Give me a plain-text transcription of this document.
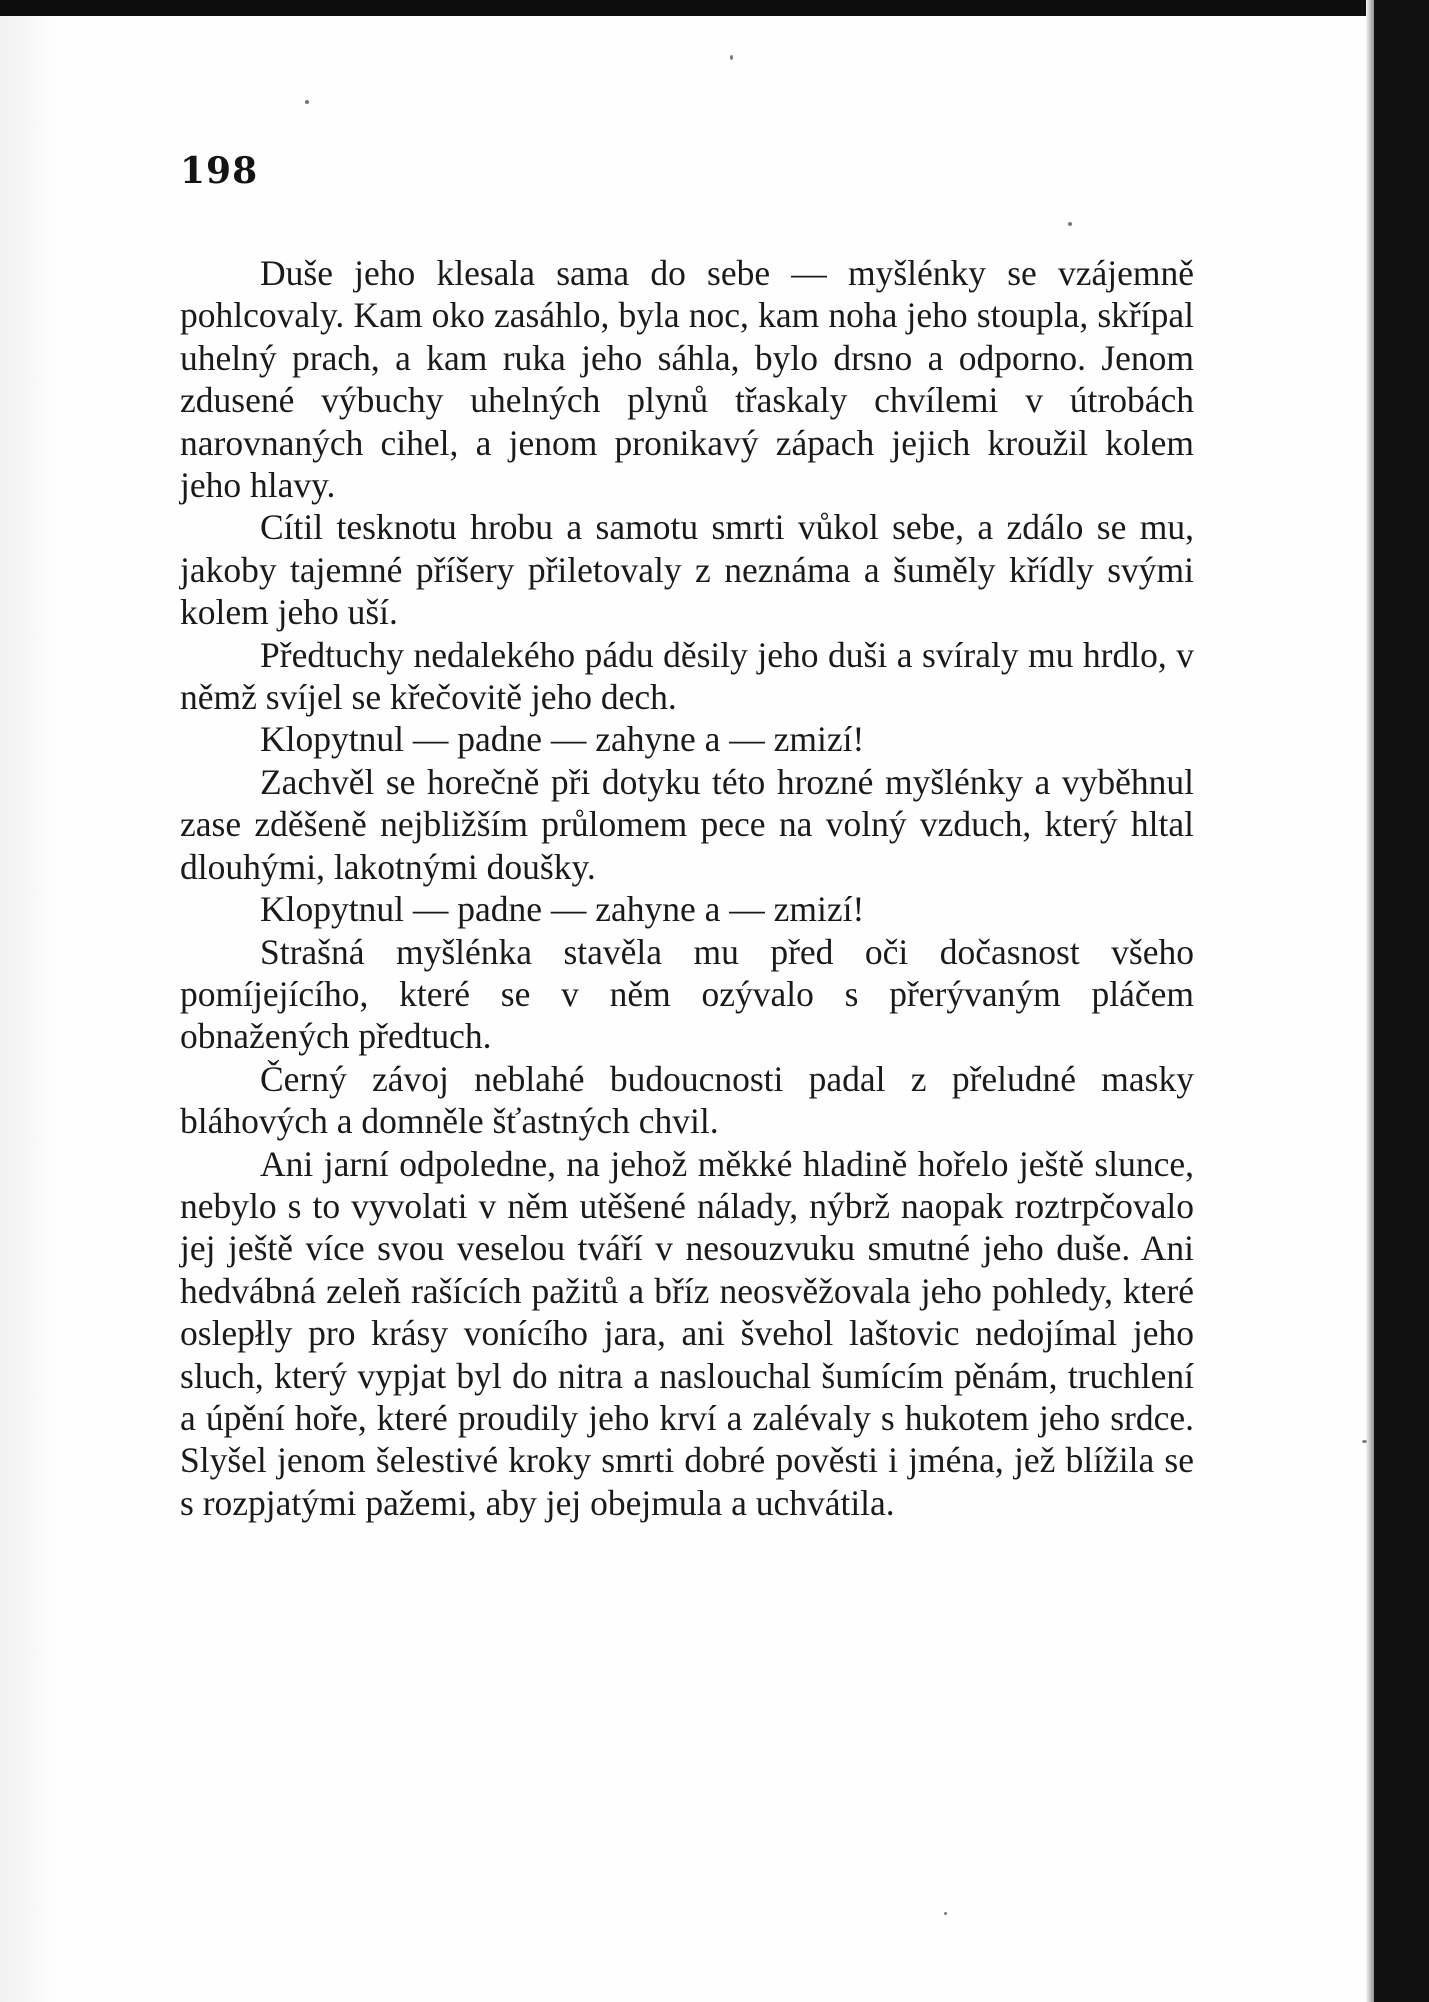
198

Duše jeho klesala sama do sebe — myšlénky se vzájemně pohlcovaly. Kam oko zasáhlo, byla noc, kam noha jeho stoupla, skřípal uhelný prach, a kam ruka jeho sáhla, bylo drsno a odporno. Jenom zdusené výbuchy uhelných plynů třaskaly chvílemi v útrobách narovnaných cihel, a jenom pronikavý zápach jejich kroužil kolem jeho hlavy.

Cítil tesknotu hrobu a samotu smrti vůkol sebe, a zdálo se mu, jakoby tajemné příšery přiletovaly z neznáma a šuměly křídly svými kolem jeho uší.

Předtuchy nedalekého pádu děsily jeho duši a svíraly mu hrdlo, v němž svíjel se křečovitě jeho dech.

Klopytnul — padne — zahyne a — zmizí!

Zachvěl se horečně při dotyku této hrozné myšlénky a vyběhnul zase zděšeně nejbližším průlomem pece na volný vzduch, který hltal dlouhými, lakotnými doušky.

Klopytnul — padne — zahyne a — zmizí!

Strašná myšlénka stavěla mu před oči dočasnost všeho pomíjejícího, které se v něm ozývalo s přerývaným pláčem obnažených předtuch.

Černý závoj neblahé budoucnosti padal z přeludné masky bláhových a domněle šťastných chvil.

Ani jarní odpoledne, na jehož měkké hladině hořelo ještě slunce, nebylo s to vyvolati v něm utěšené nálady, nýbrž naopak roztrpčovalo jej ještě více svou veselou tváří v nesouzvuku smutné jeho duše. Ani hedvábná zeleň rašících pažitů a bříz neosvěžovala jeho pohledy, které oslepłly pro krásy vonícího jara, ani švehol laštovic nedojímal jeho sluch, který vypjat byl do nitra a naslouchal šumícím pěnám, truchlení a úpění hoře, které proudily jeho krví a zalévaly s hukotem jeho srdce. Slyšel jenom šelestivé kroky smrti dobré pověsti i jména, jež blížila se s rozpjatými pažemi, aby jej obejmula a uchvátila.
